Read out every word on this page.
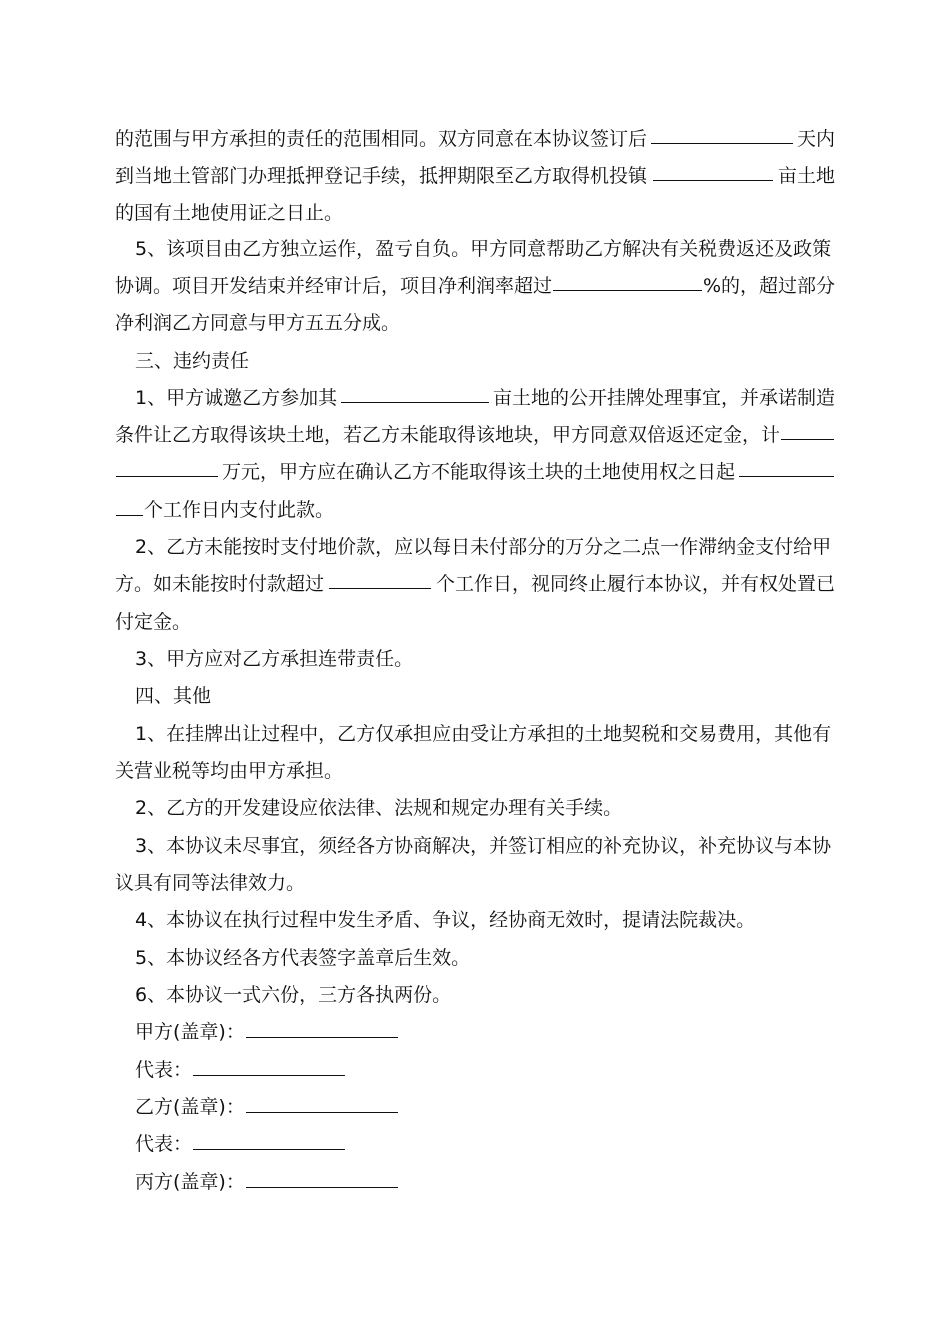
的范围与甲方承担的责任的范围相同。双方同意在本协议签订后	天内
到当地土管部门办理抵押登记手续，抵押期限至乙方取得机投镇	亩土地
的国有土地使用证之日止。
5、该项目由乙方独立运作，盈亏自负。甲方同意帮助乙方解决有关税费返还及政策
协调。项目开发结束并经审计后，项目净利润率超过	%的，超过部分
净利润乙方同意与甲方五五分成。
三、违约责任
1、甲方诚邀乙方参加其	亩土地的公开挂牌处理事宜，并承诺制造
条件让乙方取得该块土地，若乙方未能取得该地块，甲方同意双倍返还定金，计
万元，甲方应在确认乙方不能取得该土块的土地使用权之日起
个工作日内支付此款。
2、乙方未能按时支付地价款，应以每日未付部分的万分之二点一作滞纳金支付给甲
方。如未能按时付款超过	个工作日，视同终止履行本协议，并有权处置已
付定金。
3、甲方应对乙方承担连带责任。
四、其他
1、在挂牌出让过程中，乙方仅承担应由受让方承担的土地契税和交易费用，其他有
关营业税等均由甲方承担。
2、乙方的开发建设应依法律、法规和规定办理有关手续。
3、本协议未尽事宜，须经各方协商解决，并签订相应的补充协议，补充协议与本协
议具有同等法律效力。
4、本协议在执行过程中发生矛盾、争议，经协商无效时，提请法院裁决。
5、本协议经各方代表签字盖章后生效。
6、本协议一式六份，三方各执两份。
甲方(盖章)：
代表：
乙方(盖章)：
代表：
丙方(盖章)：
